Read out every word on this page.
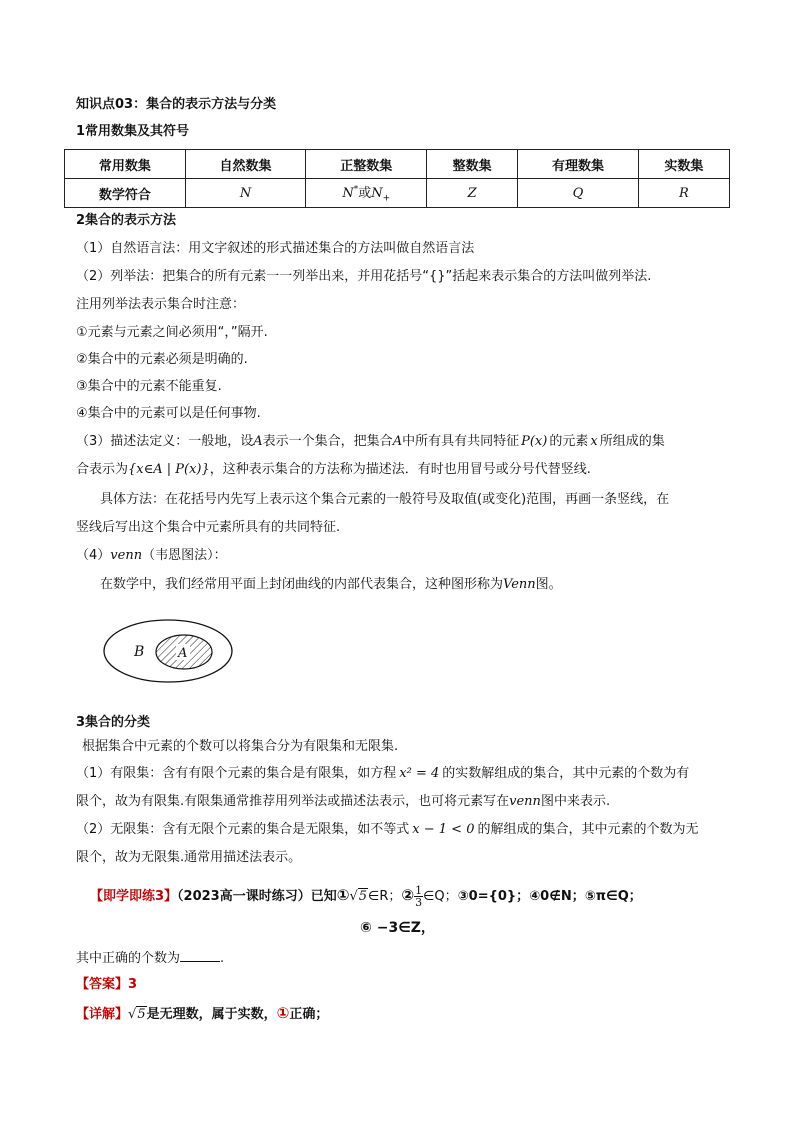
知识点03：集合的表示方法与分类
1常用数集及其符号
常用数集	自然数集	正整数集	整数集	有理数集	实数集
数学符合	N	N*或$N_+$	Z	Q	R
2集合的表示方法
（1）自然语言法：用文字叙述的形式描述集合的方法叫做自然语言法
（2）列举法：把集合的所有元素一一列举出来，并用花括号“{}”括起来表示集合的方法叫做列举法.
注用列举法表示集合时注意：
①元素与元素之间必须用“，”隔开.
②集合中的元素必须是明确的.
③集合中的元素不能重复.
④集合中的元素可以是任何事物.
（3）描述法定义：一般地，设A表示一个集合，把集合A中所有具有共同特征 P(x) 的元素 x 所组成的集
合表示为{x∈A | P(x)}，这种表示集合的方法称为描述法．有时也用冒号或分号代替竖线.
具体方法：在花括号内先写上表示这个集合元素的一般符号及取值(或变化)范围，再画一条竖线，在
竖线后写出这个集合中元素所具有的共同特征.
（4）venn（韦恩图法）：
在数学中，我们经常用平面上封闭曲线的内部代表集合，这种图形称为Venn图。
B	A
3集合的分类
根据集合中元素的个数可以将集合分为有限集和无限集.
（1）有限集：含有有限个元素的集合是有限集，如方程 x² = 4 的实数解组成的集合，其中元素的个数为有
限个，故为有限集.有限集通常推荐用列举法或描述法表示，也可将元素写在venn图中来表示.
（2）无限集：含有无限个元素的集合是无限集，如不等式 x − 1 < 0 的解组成的集合，其中元素的个数为无
限个，故为无限集.通常用描述法表示。
【即学即练3】（2023高一课时练习）已知①√5∈R；② $\frac{1}{3}$ ∈Q；③0={0}；④0∉N；⑤π∈Q；
⑥ −3∈Z，
其中正确的个数为	.
【答案】3
【详解】√5是无理数，属于实数，①正确；
